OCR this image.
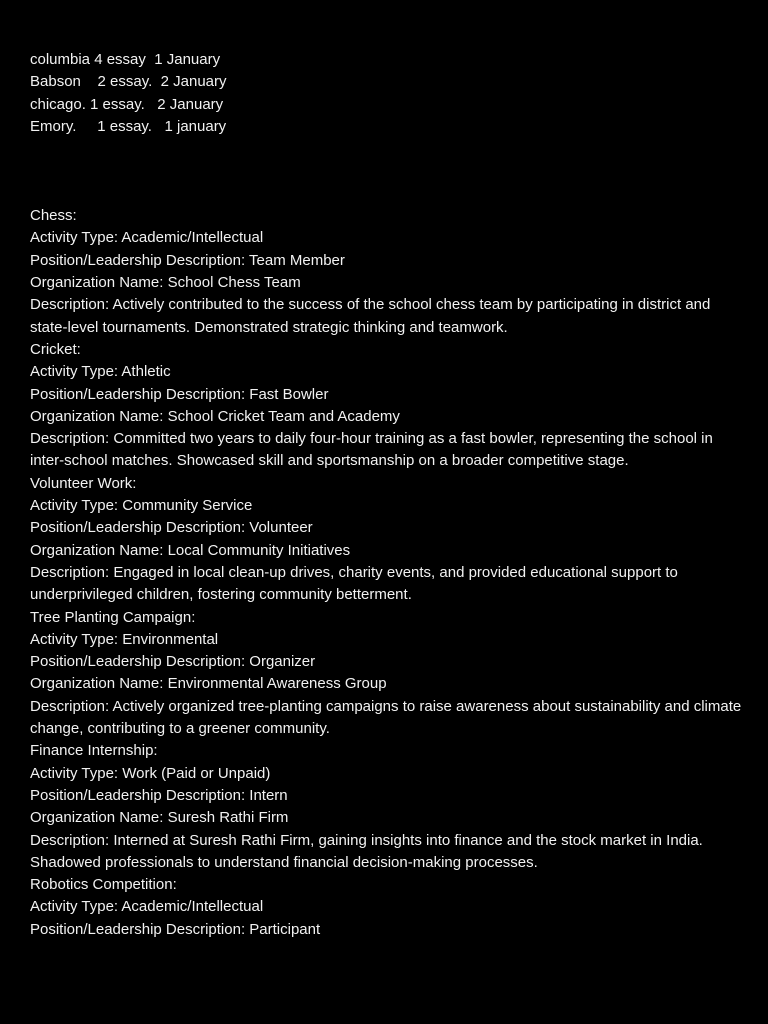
columbia 4 essay  1 January

Babson    2 essay.  2 January

chicago. 1 essay.   2 January

Emory.     1 essay.   1 january

Chess:

Activity Type: Academic/Intellectual

Position/Leadership Description: Team Member

Organization Name: School Chess Team

Description: Actively contributed to the success of the school chess team by participating in district and state-level tournaments. Demonstrated strategic thinking and teamwork.

Cricket:

Activity Type: Athletic

Position/Leadership Description: Fast Bowler

Organization Name: School Cricket Team and Academy

Description: Committed two years to daily four-hour training as a fast bowler, representing the school in inter-school matches. Showcased skill and sportsmanship on a broader competitive stage.

Volunteer Work:

Activity Type: Community Service

Position/Leadership Description: Volunteer

Organization Name: Local Community Initiatives

Description: Engaged in local clean-up drives, charity events, and provided educational support to underprivileged children, fostering community betterment.

Tree Planting Campaign:

Activity Type: Environmental

Position/Leadership Description: Organizer

Organization Name: Environmental Awareness Group

Description: Actively organized tree-planting campaigns to raise awareness about sustainability and climate change, contributing to a greener community.

Finance Internship:

Activity Type: Work (Paid or Unpaid)

Position/Leadership Description: Intern

Organization Name: Suresh Rathi Firm

Description: Interned at Suresh Rathi Firm, gaining insights into finance and the stock market in India. Shadowed professionals to understand financial decision-making processes.

Robotics Competition:

Activity Type: Academic/Intellectual

Position/Leadership Description: Participant
